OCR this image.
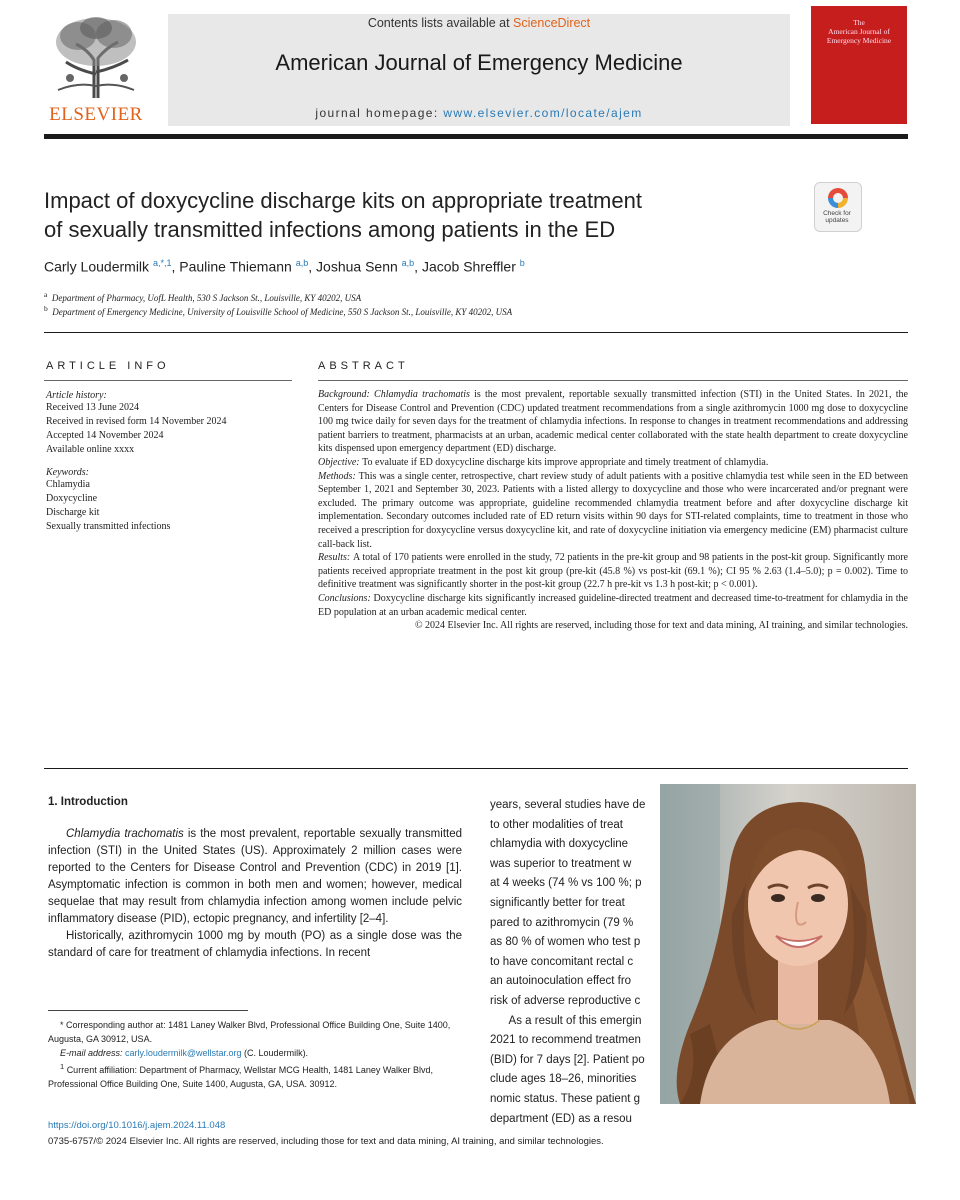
ELSEVIER
Contents lists available at ScienceDirect
American Journal of Emergency Medicine
journal homepage: www.elsevier.com/locate/ajem
The
American Journal of
Emergency Medicine
Impact of doxycycline discharge kits on appropriate treatment
of sexually transmitted infections among patients in the ED
Check for
updates
Carly Loudermilk $^{a,*,1}$, Pauline Thiemann $^{a,b}$, Joshua Senn $^{a,b}$, Jacob Shreffler $^b$
$^a$ Department of Pharmacy, UofL Health, 530 S Jackson St., Louisville, KY 40202, USA
$^b$ Department of Emergency Medicine, University of Louisville School of Medicine, 550 S Jackson St., Louisville, KY 40202, USA
ARTICLE INFO
Article history:
Received 13 June 2024
Received in revised form 14 November 2024
Accepted 14 November 2024
Available online xxxx
Keywords:
Chlamydia
Doxycycline
Discharge kit
Sexually transmitted infections
ABSTRACT

Background: Chlamydia trachomatis is the most prevalent, reportable sexually transmitted infection (STI) in the United States. In 2021, the Centers for Disease Control and Prevention (CDC) updated treatment recommendations from a single azithromycin 1000 mg dose to doxycycline 100 mg twice daily for seven days for the treatment of chlamydia infections. In response to changes in treatment recommendations and addressing patient barriers to treatment, pharmacists at an urban, academic medical center collaborated with the state health department to create doxycycline kits dispensed upon emergency department (ED) discharge.

Objective: To evaluate if ED doxycycline discharge kits improve appropriate and timely treatment of chlamydia.

Methods: This was a single center, retrospective, chart review study of adult patients with a positive chlamydia test while seen in the ED between September 1, 2021 and September 30, 2023. Patients with a listed allergy to doxycycline and those who were incarcerated and/or pregnant were excluded. The primary outcome was appropriate, guideline recommended chlamydia treatment before and after doxycycline discharge kit implementation. Secondary outcomes included rate of ED return visits within 90 days for STI-related complaints, time to treatment in those who received a prescription for doxycycline versus doxycycline kit, and rate of doxycycline initiation via emergency medicine (EM) pharmacist culture call-back list.

Results: A total of 170 patients were enrolled in the study, 72 patients in the pre-kit group and 98 patients in the post-kit group. Significantly more patients received appropriate treatment in the post kit group (pre-kit (45.8 %) vs post-kit (69.1 %); CI 95 % 2.63 (1.4–5.0); p = 0.002). Time to definitive treatment was significantly shorter in the post-kit group (22.7 h pre-kit vs 1.3 h post-kit; p < 0.001).

Conclusions: Doxycycline discharge kits significantly increased guideline-directed treatment and decreased time-to-treatment for chlamydia in the ED population at an urban academic medical center.

© 2024 Elsevier Inc. All rights are reserved, including those for text and data mining, AI training, and similar technologies.

1. Introduction

Chlamydia trachomatis is the most prevalent, reportable sexually transmitted infection (STI) in the United States (US). Approximately 2 million cases were reported to the Centers for Disease Control and Prevention (CDC) in 2019 [1]. Asymptomatic infection is common in both men and women; however, medical sequelae that may result from chlamydia infection among women include pelvic inflammatory disease (PID), ectopic pregnancy, and infertility [2–4].

Historically, azithromycin 1000 mg by mouth (PO) as a single dose was the standard of care for treatment of chlamydia infections. In recent

years, several studies have de
to other modalities of treat
chlamydia with doxycycline
was superior to treatment w
at 4 weeks (74 % vs 100 %; p
significantly better for treat
pared to azithromycin (79 %
as 80 % of women who test p
to have concomitant rectal c
an autoinoculation effect fro
risk of adverse reproductive c
As a result of this emergin
2021 to recommend treatmen
(BID) for 7 days [2]. Patient po
clude ages 18–26, minorities
nomic status. These patient g
department (ED) as a resou

* Corresponding author at: 1481 Laney Walker Blvd, Professional Office Building One, Suite 1400, Augusta, GA 30912, USA.

E-mail address: carly.loudermilk@wellstar.org (C. Loudermilk).

$^1$ Current affiliation: Department of Pharmacy, Wellstar MCG Health, 1481 Laney Walker Blvd, Professional Office Building One, Suite 1400, Augusta, GA, USA. 30912.

https://doi.org/10.1016/j.ajem.2024.11.048
0735-6757/© 2024 Elsevier Inc. All rights are reserved, including those for text and data mining, AI training, and similar technologies.
